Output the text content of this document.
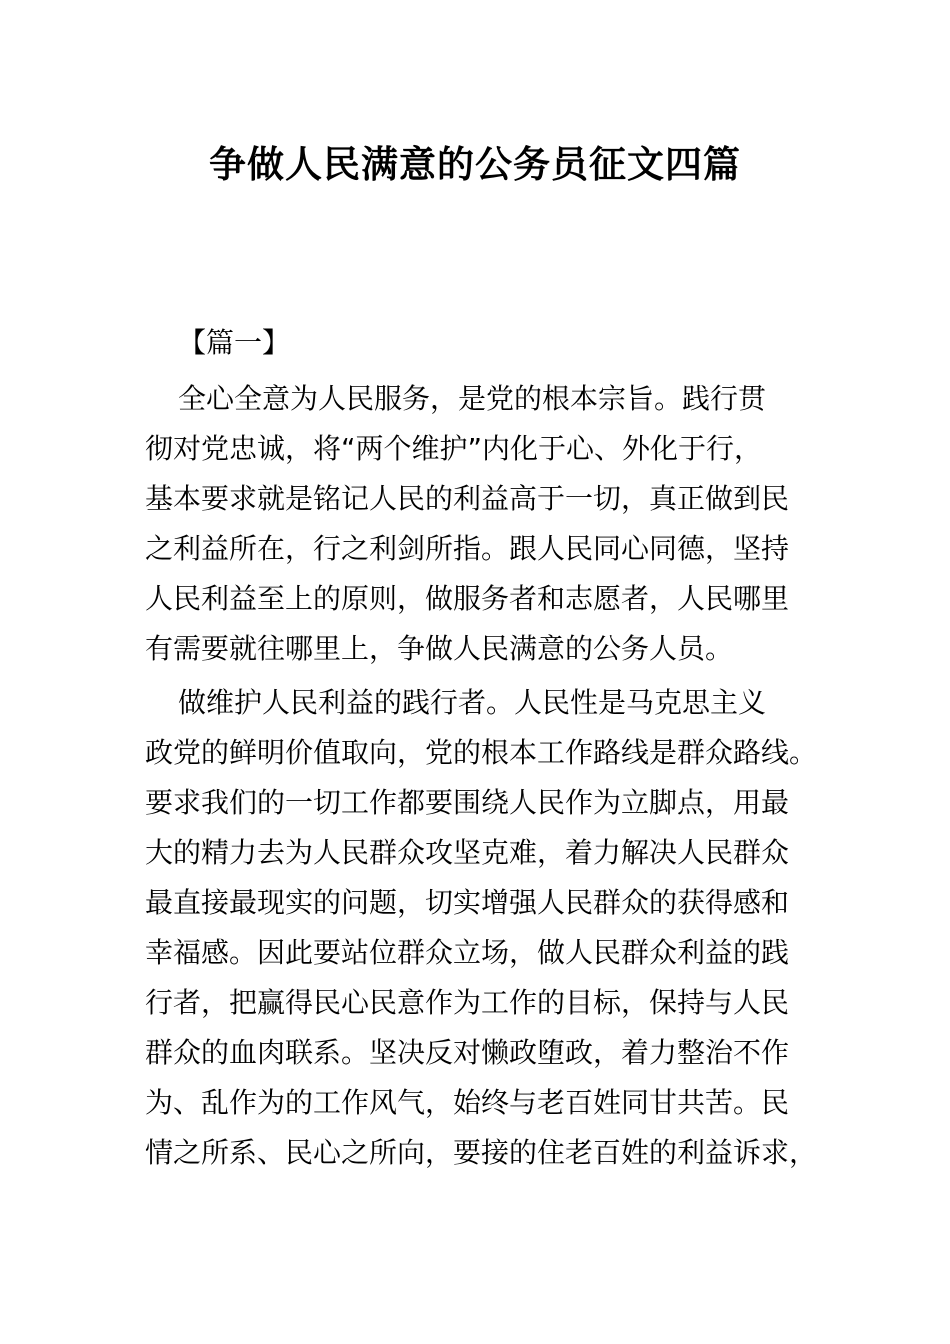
争做人民满意的公务员征文四篇
【篇一】
全心全意为人民服务，是党的根本宗旨。践行贯
彻对党忠诚，将“两个维护”内化于心、外化于行，
基本要求就是铭记人民的利益高于一切，真正做到民
之利益所在，行之利剑所指。跟人民同心同德，坚持
人民利益至上的原则，做服务者和志愿者，人民哪里
有需要就往哪里上，争做人民满意的公务人员。
做维护人民利益的践行者。人民性是马克思主义
政党的鲜明价值取向，党的根本工作路线是群众路线。
要求我们的一切工作都要围绕人民作为立脚点，用最
大的精力去为人民群众攻坚克难，着力解决人民群众
最直接最现实的问题，切实增强人民群众的获得感和
幸福感。因此要站位群众立场，做人民群众利益的践
行者，把赢得民心民意作为工作的目标，保持与人民
群众的血肉联系。坚决反对懒政堕政，着力整治不作
为、乱作为的工作风气，始终与老百姓同甘共苦。民
情之所系、民心之所向，要接的住老百姓的利益诉求，
